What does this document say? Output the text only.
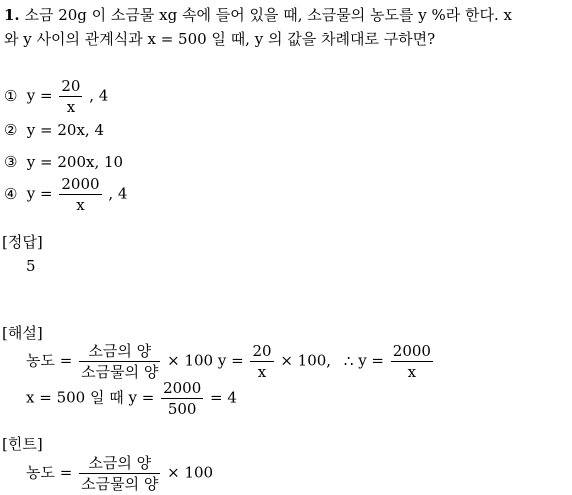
1. 소금 20g 이 소금물 xg 속에 들어 있을 때, 소금물의 농도를 y %라 한다. x
와 y 사이의 관계식과 x = 500 일 때, y 의 값을 차례대로 구하면?
① $y = \frac{20}{x}$ , 4
② y = 20x, 4
③ y = 200x, 10
④ $y = \frac{2000}{x}$ , 4
[정답]
5
[해설]
농도 = $\frac{\text{소금의 양}}{\text{소금물의 양}} \times 100$ $y = \frac{20}{x} \times 100$, ∴ $y = \frac{2000}{x}$
x = 500 일 때 $y = \frac{2000}{500} = 4$
[힌트]
농도 = $\frac{\text{소금의 양}}{\text{소금물의 양}} \times 100$
